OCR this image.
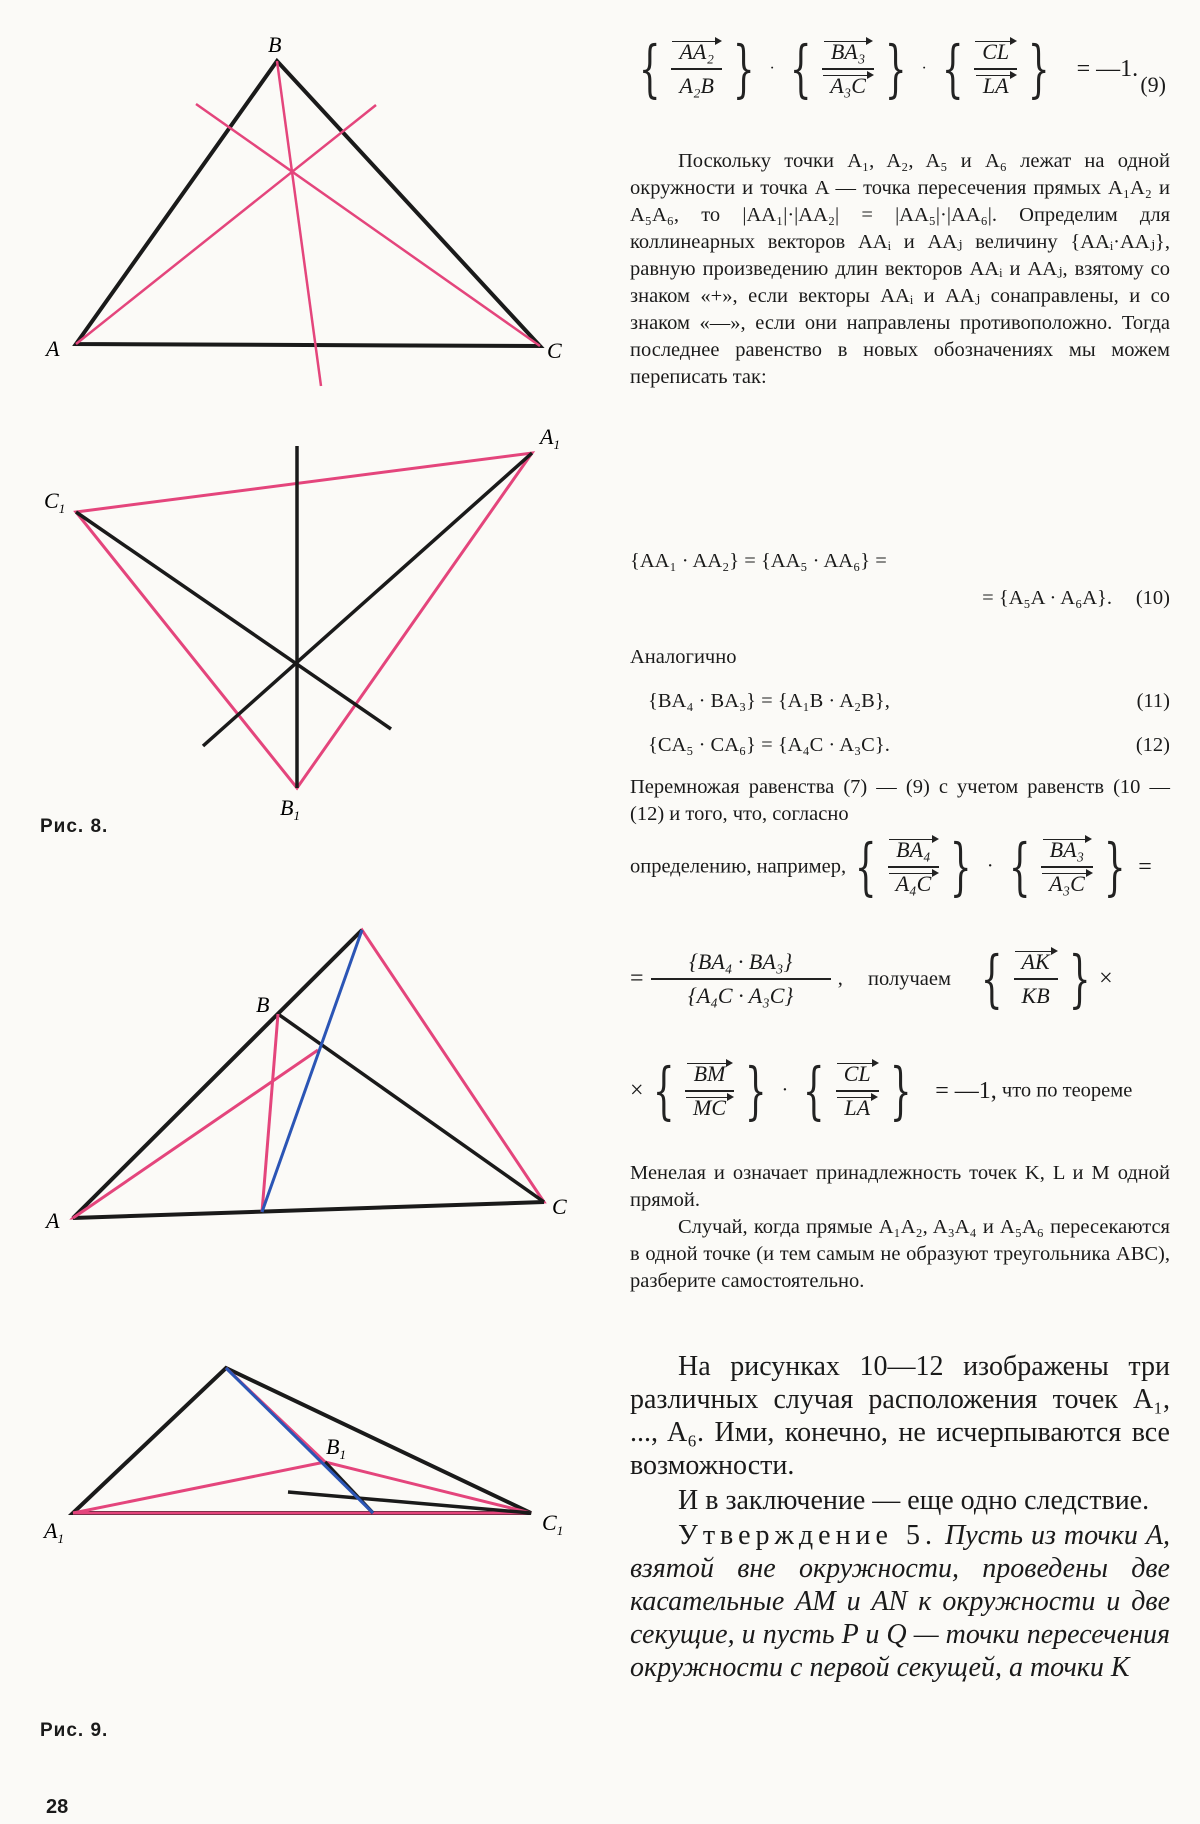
B
A	C
$A_1$
$C_1$
$B_1$
B
A
C
$B_1$
$A_1$
$C_1$
Рис. 8.
Рис. 9.
28
{ $\frac{\text{AA₂}}{\text{A₂B}}$ } · { $\frac{\text{BA₃}}{\text{A₃C}}$ } · { $\frac{CL}{LA}$ } = —1.
(9)

Поскольку точки A₁, A₂, A₅ и A₆ лежат на одной окружности и точка A — точка пересечения прямых A₁A₂ и A₅A₆, то |AA₁|·|AA₂| = |AA₅|·|AA₆|. Определим для коллинеарных векторов AAᵢ и AAⱼ величину {AAᵢ·AAⱼ}, равную произведению длин векторов AAᵢ и AAⱼ, взятому со знаком «+», если векторы AAᵢ и AAⱼ сонаправлены, и со знаком «—», если они направлены противоположно. Тогда последнее равенство в новых обозначениях мы можем переписать так:

{AA₁ · AA₂} = {AA₅ · AA₆} =
= {A₅A · A₆A}. (10)
Аналогично
{BA₄ · BA₃} = {A₁B · A₂B},	(11)
{CA₅ · CA₆} = {A₄C · A₃C}.	(12)

Перемножая равенства (7) — (9) с учетом равенств (10 — (12) и того, что, согласно

определению, например, { $\frac{\text{BA₄}}{\text{A₄C}}$ } · { $\frac{\text{BA₃}}{\text{A₃C}}$ } =
= $\frac{\text{\{BA₄ · BA₃\}}}{\text{\{A₄C · A₃C\}}}$ , получаем { $\frac{AK}{KB}$ } ×
× { $\frac{BM}{MC}$ } · { $\frac{CL}{LA}$ } = —1, что по теореме

Менелая и означает принадлежность точек K, L и M одной прямой.

Случай, когда прямые A₁A₂, A₃A₄ и A₅A₆ пересекаются в одной точке (и тем самым не образуют треугольника ABC), разберите самостоятельно.

На рисунках 10—12 изображены три различных случая расположения точек A₁, ..., A₆. Ими, конечно, не исчерпываются все возможности.

И в заключение — еще одно следствие.

Утверждение 5. Пусть из точки A, взятой вне окружности, проведены две касательные AM и AN к окружности и две секущие, и пусть P и Q — точки пересечения окружности с первой секущей, а точки K
